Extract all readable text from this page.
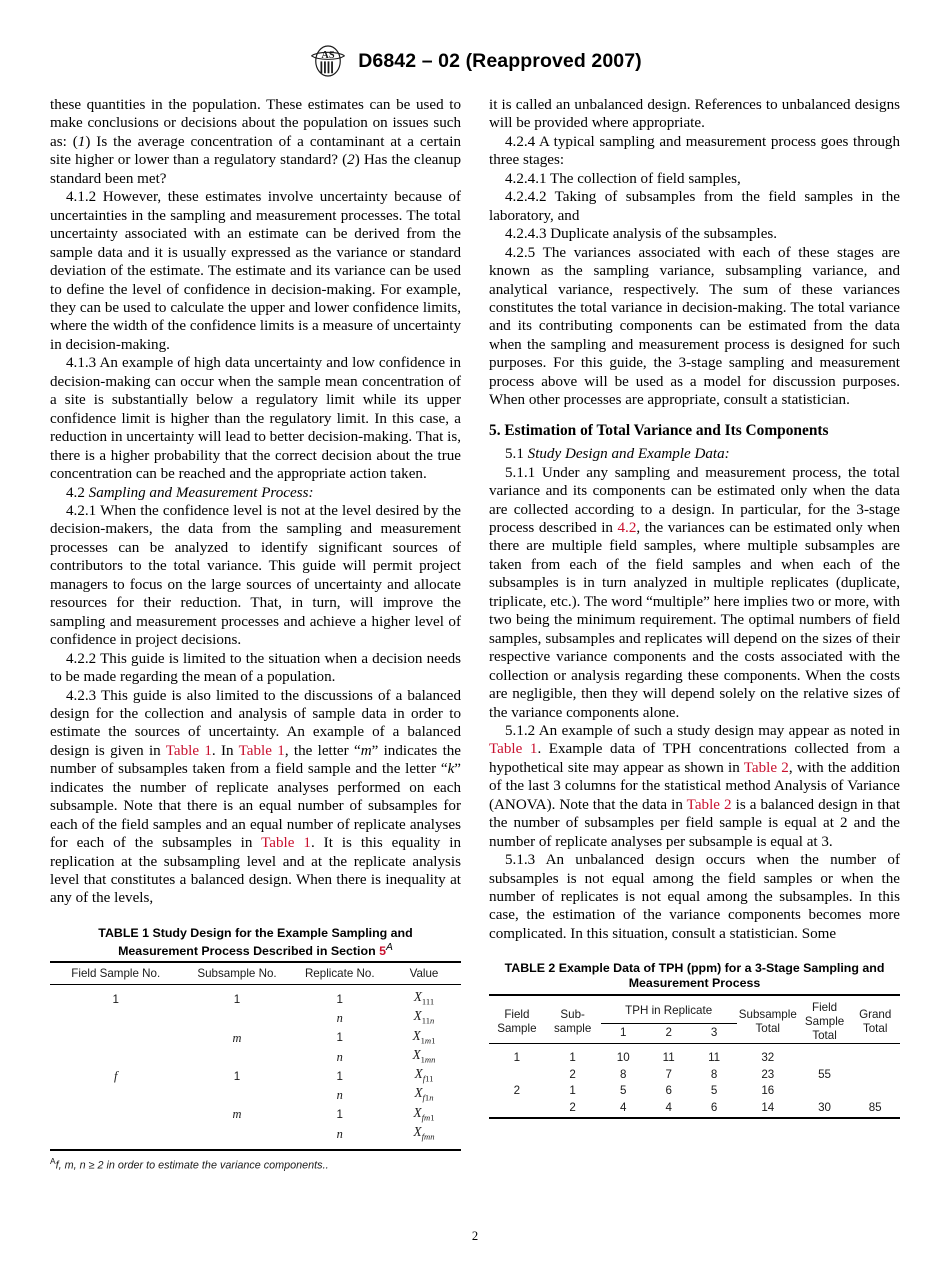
AS D6842 – 02 (Reapproved 2007)

these quantities in the population. These estimates can be used to make conclusions or decisions about the population on issues such as: (1) Is the average concentration of a contaminant at a certain site higher or lower than a regulatory standard? (2) Has the cleanup standard been met?

4.1.2 However, these estimates involve uncertainty because of uncertainties in the sampling and measurement processes. The total uncertainty associated with an estimate can be derived from the sample data and it is usually expressed as the variance or standard deviation of the estimate. The estimate and its variance can be used to define the level of confidence in decision-making. For example, they can be used to calculate the upper and lower confidence limits, where the width of the confidence limits is a measure of uncertainty in decision-making.

4.1.3 An example of high data uncertainty and low confidence in decision-making can occur when the sample mean concentration of a site is substantially below a regulatory limit while its upper confidence limit is higher than the regulatory limit. In this case, a reduction in uncertainty will lead to better decision-making. That is, there is a higher probability that the correct decision about the true concentration can be reached and the appropriate action taken.

4.2 Sampling and Measurement Process:

4.2.1 When the confidence level is not at the level desired by the decision-makers, the data from the sampling and measurement processes can be analyzed to identify significant sources of contributors to the total variance. This guide will permit project managers to focus on the large sources of uncertainty and allocate resources for their reduction. That, in turn, will improve the sampling and measurement processes and achieve a higher level of confidence in project decisions.

4.2.2 This guide is limited to the situation when a decision needs to be made regarding the mean of a population.

4.2.3 This guide is also limited to the discussions of a balanced design for the collection and analysis of sample data in order to estimate the sources of uncertainty. An example of a balanced design is given in Table 1. In Table 1, the letter “m” indicates the number of subsamples taken from a field sample and the letter “k” indicates the number of replicate analyses performed on each subsample. Note that there is an equal number of subsamples for each of the field samples and an equal number of replicate analyses for each of the subsamples in Table 1. It is this equality in replication at the subsampling level and at the replicate analysis level that constitutes a balanced design. When there is inequality at any of the levels,

TABLE 1 Study Design for the Example Sampling and
Measurement Process Described in Section $5^A$
Field Sample No.	Subsample No.	Replicate No.	Value
1	1	1	$X_{111}$
		n	$X_{11n}$
	m	1	$X_{1m1}$
		n	$X_{1mn}$
f	1	1	$X_{f11}$
		n	$X_{f1n}$
	m	1	$X_{fm1}$
		n	$X_{fmn}$
$^A$f, m, n ≥ 2 in order to estimate the variance components..

it is called an unbalanced design. References to unbalanced designs will be provided where appropriate.

4.2.4 A typical sampling and measurement process goes through three stages:

4.2.4.1 The collection of field samples,

4.2.4.2 Taking of subsamples from the field samples in the laboratory, and

4.2.4.3 Duplicate analysis of the subsamples.

4.2.5 The variances associated with each of these stages are known as the sampling variance, subsampling variance, and analytical variance, respectively. The sum of these variances constitutes the total variance in decision-making. The total variance and its contributing components can be estimated from the data when the sampling and measurement process is designed for such purposes. For this guide, the 3-stage sampling and measurement process above will be used as a model for discussion purposes. When other processes are appropriate, consult a statistician.

5. Estimation of Total Variance and Its Components

5.1 Study Design and Example Data:

5.1.1 Under any sampling and measurement process, the total variance and its components can be estimated only when the data are collected according to a design. In particular, for the 3-stage process described in 4.2, the variances can be estimated only when there are multiple field samples, where multiple subsamples are taken from each of the field samples and when each of the subsamples is in turn analyzed in multiple replicates (duplicate, triplicate, etc.). The word “multiple” here implies two or more, with two being the minimum requirement. The optimal numbers of field samples, subsamples and replicates will depend on the sizes of their respective variance components and the costs associated with the collection or analysis regarding these components. When the costs are negligible, then they will depend solely on the relative sizes of the variance components alone.

5.1.2 An example of such a study design may appear as noted in Table 1. Example data of TPH concentrations collected from a hypothetical site may appear as shown in Table 2, with the addition of the last 3 columns for the statistical method Analysis of Variance (ANOVA). Note that the data in Table 2 is a balanced design in that the number of subsamples per field sample is equal at 2 and the number of replicate analyses per subsample is equal at 3.

5.1.3 An unbalanced design occurs when the number of subsamples is not equal among the field samples or when the number of replicates is not equal among the subsamples. In this case, the estimation of the variance components becomes more complicated. In this situation, consult a statistician. Some

TABLE 2 Example Data of TPH (ppm) for a 3-Stage Sampling and
Measurement Process
Field Sample	Sub-sample	TPH in Replicate			Subsample Total	Field Sample Total	Grand Total
		1	2	3			
1	1	10	11	11	32		
	2	8	7	8	23	55	
2	1	5	6	5	16		
	2	4	4	6	14	30	85
2
